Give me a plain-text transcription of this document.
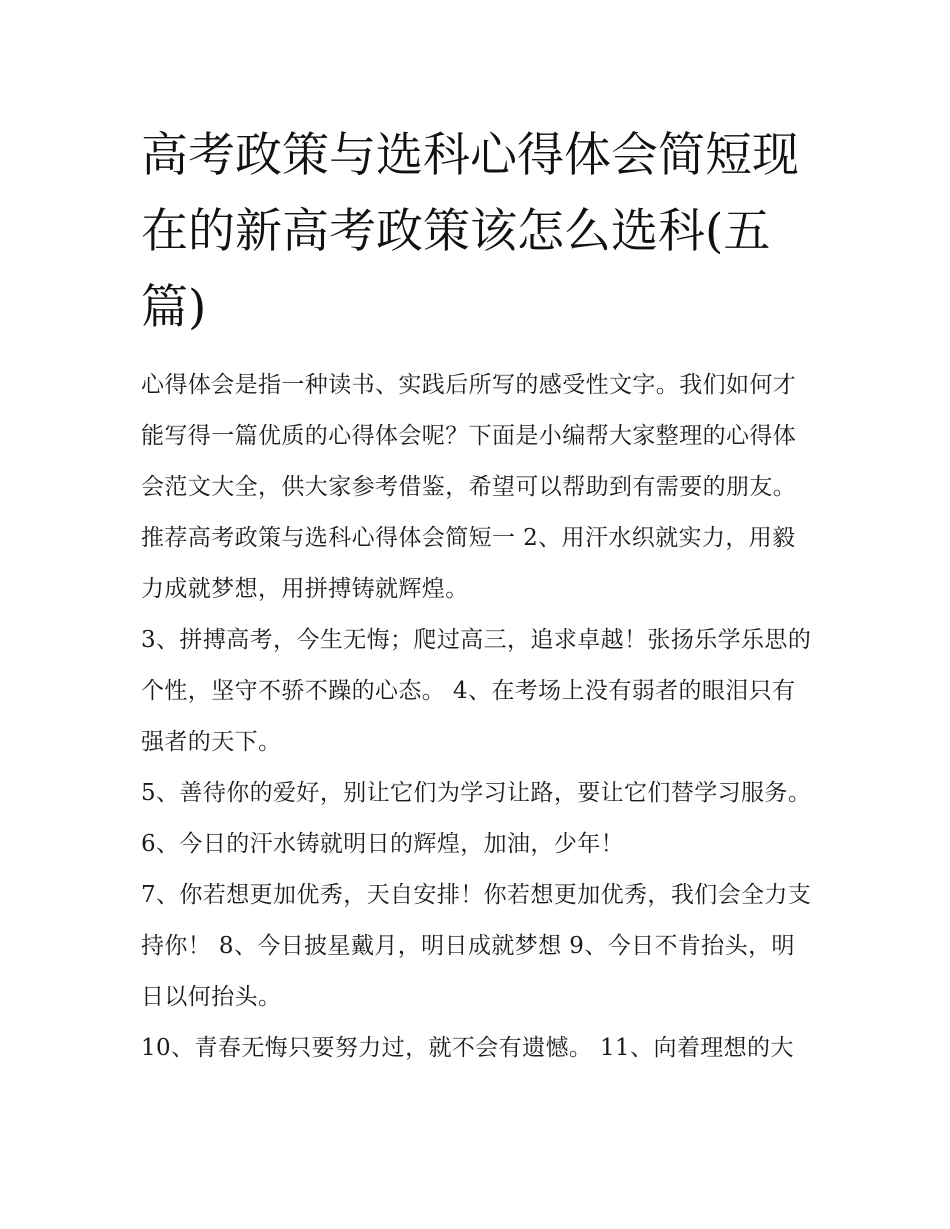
高考政策与选科心得体会简短现在的新高考政策该怎么选科(五篇)

心得体会是指一种读书、实践后所写的感受性文字。我们如何才能写得一篇优质的心得体会呢？下面是小编帮大家整理的心得体会范文大全，供大家参考借鉴，希望可以帮助到有需要的朋友。

推荐高考政策与选科心得体会简短一 2、用汗水织就实力，用毅力成就梦想，用拼搏铸就辉煌。

3、拼搏高考，今生无悔；爬过高三，追求卓越！张扬乐学乐思的个性，坚守不骄不躁的心态。 4、在考场上没有弱者的眼泪只有强者的天下。

5、善待你的爱好，别让它们为学习让路，要让它们替学习服务。 6、今日的汗水铸就明日的辉煌，加油，少年！

7、你若想更加优秀，天自安排！你若想更加优秀，我们会全力支持你！ 8、今日披星戴月，明日成就梦想 9、今日不肯抬头，明日以何抬头。

10、青春无悔只要努力过，就不会有遗憾。 11、向着理想的大
